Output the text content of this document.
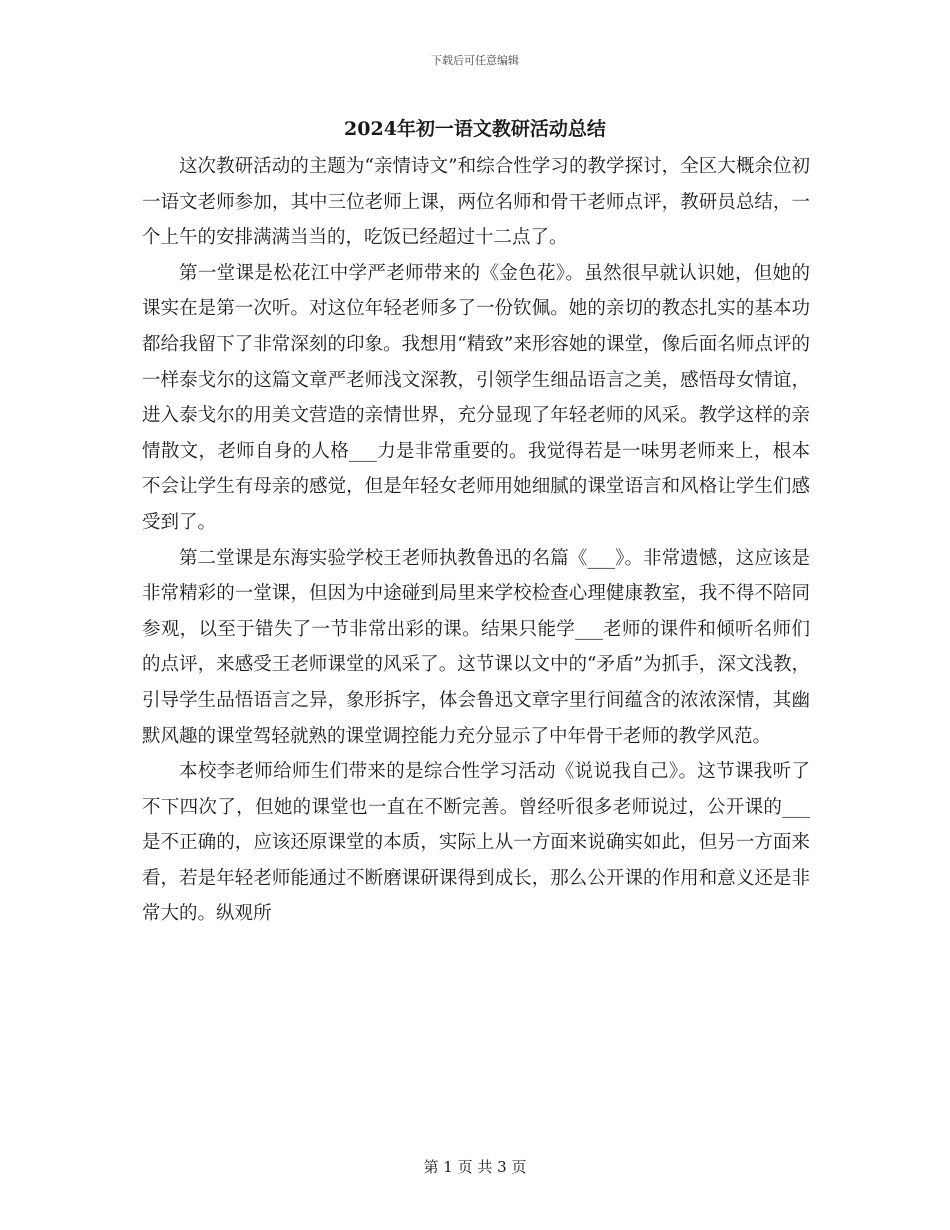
下载后可任意编辑
2024年初一语文教研活动总结

这次教研活动的主题为“亲情诗文”和综合性学习的教学探讨，全区大概余位初一语文老师参加，其中三位老师上课，两位名师和骨干老师点评，教研员总结，一个上午的安排满满当当的，吃饭已经超过十二点了。

第一堂课是松花江中学严老师带来的《金色花》。虽然很早就认识她，但她的课实在是第一次听。对这位年轻老师多了一份钦佩。她的亲切的教态扎实的基本功都给我留下了非常深刻的印象。我想用“精致”来形容她的课堂，像后面名师点评的一样泰戈尔的这篇文章严老师浅文深教，引领学生细品语言之美，感悟母女情谊，进入泰戈尔的用美文营造的亲情世界，充分显现了年轻老师的风采。教学这样的亲情散文，老师自身的人格___力是非常重要的。我觉得若是一味男老师来上，根本不会让学生有母亲的感觉，但是年轻女老师用她细腻的课堂语言和风格让学生们感受到了。

第二堂课是东海实验学校王老师执教鲁迅的名篇《___》。非常遗憾，这应该是非常精彩的一堂课，但因为中途碰到局里来学校检查心理健康教室，我不得不陪同参观，以至于错失了一节非常出彩的课。结果只能学___老师的课件和倾听名师们的点评，来感受王老师课堂的风采了。这节课以文中的“矛盾”为抓手，深文浅教，引导学生品悟语言之异，象形拆字，体会鲁迅文章字里行间蕴含的浓浓深情，其幽默风趣的课堂驾轻就熟的课堂调控能力充分显示了中年骨干老师的教学风范。

本校李老师给师生们带来的是综合性学习活动《说说我自己》。这节课我听了不下四次了，但她的课堂也一直在不断完善。曾经听很多老师说过，公开课的___是不正确的，应该还原课堂的本质，实际上从一方面来说确实如此，但另一方面来看，若是年轻老师能通过不断磨课研课得到成长，那么公开课的作用和意义还是非常大的。纵观所

第 1 页 共 3 页
